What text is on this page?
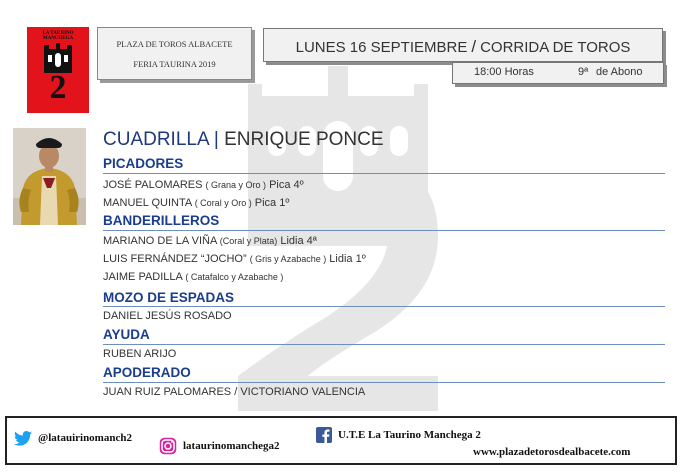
LA TAURINO
MANCHEGA
2
PLAZA DE TOROS ALBACETE
FERIA TAURINA 2019
LUNES 16 SEPTIEMBRE / CORRIDA DE TOROS
18:00 Horas	9ª de Abono
CUADRILLA | ENRIQUE PONCE
PICADORES
JOSÉ PALOMARES ( Grana y Oro ) Pica 4º
MANUEL QUINTA ( Coral y Oro ) Pica 1º
BANDERILLEROS
MARIANO DE LA VIÑA (Coral y Plata) Lidia 4ª
LUIS FERNÁNDEZ “JOCHO” ( Gris y Azabache ) Lidia 1º
JAIME PADILLA ( Catafalco y Azabache )
MOZO DE ESPADAS
DANIEL JESÚS ROSADO
AYUDA
RUBEN ARIJO
APODERADO
JUAN RUIZ PALOMARES / VICTORIANO VALENCIA
@latauirinomanch2
lataurinomanchega2
U.T.E La Taurino Manchega 2
www.plazadetorosdealbacete.com
